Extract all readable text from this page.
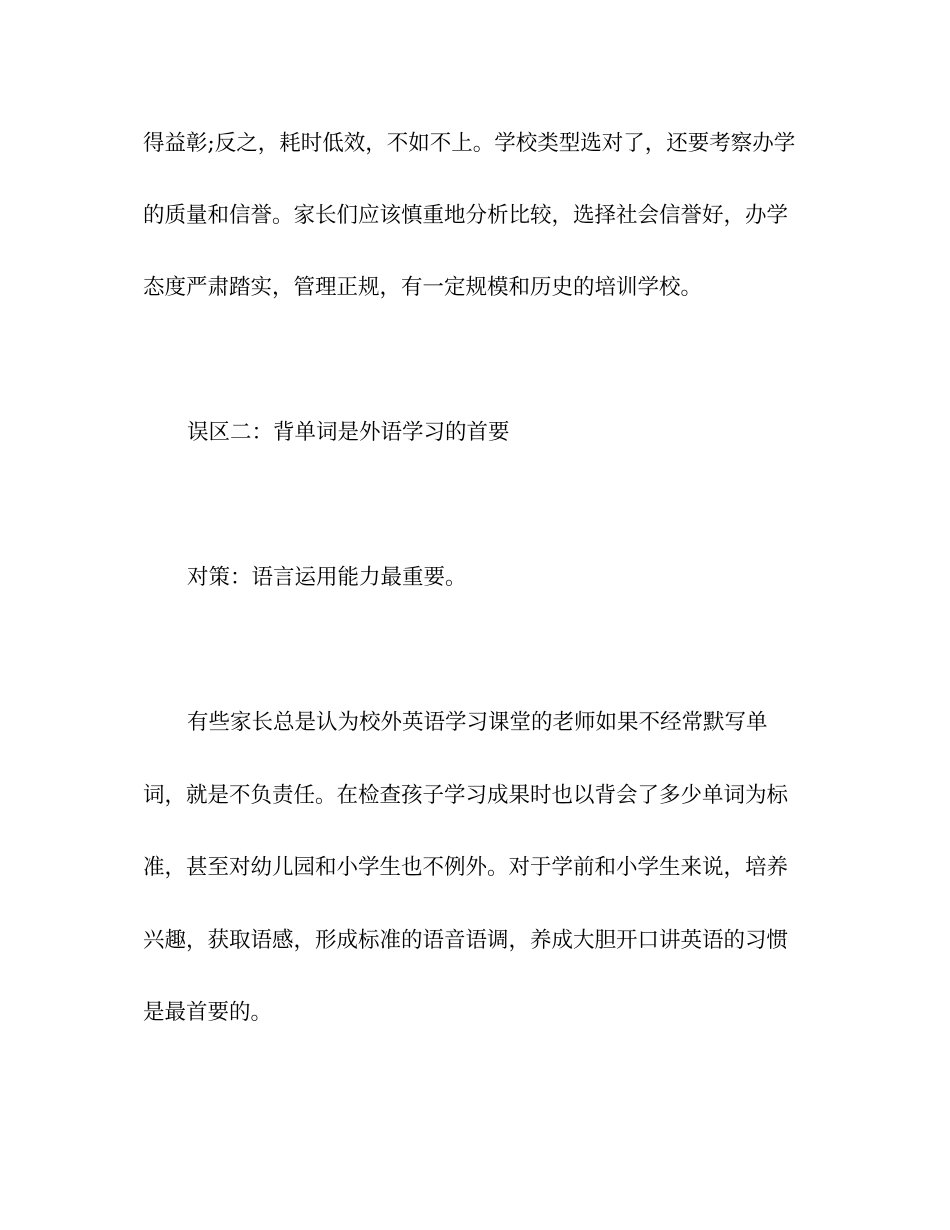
得益彰;反之，耗时低效，不如不上。学校类型选对了，还要考察办学
的质量和信誉。家长们应该慎重地分析比较，选择社会信誉好，办学
态度严肃踏实，管理正规，有一定规模和历史的培训学校。
误区二：背单词是外语学习的首要
对策：语言运用能力最重要。
有些家长总是认为校外英语学习课堂的老师如果不经常默写单
词，就是不负责任。在检查孩子学习成果时也以背会了多少单词为标
准，甚至对幼儿园和小学生也不例外。对于学前和小学生来说，培养
兴趣，获取语感，形成标准的语音语调，养成大胆开口讲英语的习惯
是最首要的。
